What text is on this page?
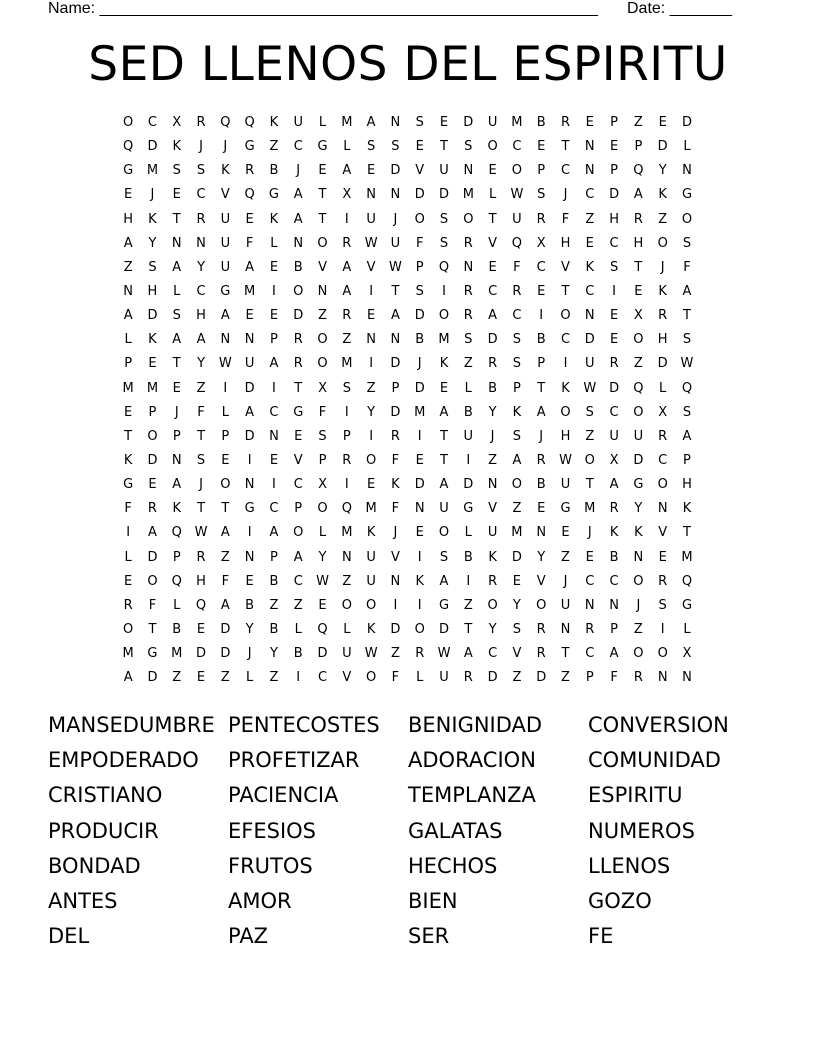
Name: ________________________________________________________ Date: _______
SED LLENOS DEL ESPIRITU
O	C	X	R	Q	Q	K	U	L	M	A	N	S	E	D	U	M	B	R	E	P	Z	E	D
Q	D	K	J	J	G	Z	C	G	L	S	S	E	T	S	O	C	E	T	N	E	P	D	L
G	M	S	S	K	R	B	J	E	A	E	D	V	U	N	E	O	P	C	N	P	Q	Y	N
E	J	E	C	V	Q	G	A	T	X	N	N	D	D	M	L	W	S	J	C	D	A	K	G
H	K	T	R	U	E	K	A	T	I	U	J	O	S	O	T	U	R	F	Z	H	R	Z	O
A	Y	N	N	U	F	L	N	O	R	W	U	F	S	R	V	Q	X	H	E	C	H	O	S
Z	S	A	Y	U	A	E	B	V	A	V	W	P	Q	N	E	F	C	V	K	S	T	J	F
N	H	L	C	G	M	I	O	N	A	I	T	S	I	R	C	R	E	T	C	I	E	K	A
A	D	S	H	A	E	E	D	Z	R	E	A	D	O	R	A	C	I	O	N	E	X	R	T
L	K	A	A	N	N	P	R	O	Z	N	N	B	M	S	D	S	B	C	D	E	O	H	S
P	E	T	Y	W	U	A	R	O	M	I	D	J	K	Z	R	S	P	I	U	R	Z	D W
M	M	E	Z	I	D	I	T	X	S	Z	P	D	E	L	B	P	T	K	W D	Q	L	Q
E	P	J	F	L	A	C	G	F	I	Y	D	M	A	B	Y	K	A	O	S	C	O	X	S
T	O	P	T	P	D	N	E	S	P	I	R	I	T	U	J	S	J	H	Z	U	U	R	A
K	D	N	S	E	I	E	V	P	R	O	F	E	T	I	Z	A	R	W O	X	D	C	P
G	E	A	J	O	N	I	C	X	I	E	K	D	A	D	N	O	B	U	T	A	G	O	H
F	R	K	T	T	G	C	P	O	Q	M	F	N	U	G	V	Z	E	G	M	R	Y	N	K
I	A	Q W	A	I	A	O	L	M	K	J	E	O	L	U	M	N	E	J	K	K	V	T
L	D	P	R	Z	N	P	A	Y	N	U	V	I	S	B	K	D	Y	Z	E	B	N	E	M
E	O	Q	H	F	E	B	C	W	Z	U	N	K	A	I	R	E	V	J	C	C	O	R	Q
R	F	L	Q	A	B	Z	Z	E	O	O	I	I	G	Z	O	Y	O	U	N	N	J	S	G
O	T	B	E	D	Y	B	L	Q	L	K	D	O	D	T	Y	S	R	N	R	P	Z	I	L
M	G	M	D	D	J	Y	B	D	U	W	Z	R	W	A	C	V	R	T	C	A	O	O	X
A	D	Z	E	Z	L	Z	I	C	V	O	F	L	U	R	D	Z	D	Z	P	F	R	N	N
MANSEDUMBRE PENTECOSTES	BENIGNIDAD	CONVERSION
EMPODERADO	PROFETIZAR	ADORACION	COMUNIDAD
CRISTIANO	PACIENCIA	TEMPLANZA	ESPIRITU
PRODUCIR	EFESIOS	GALATAS	NUMEROS
BONDAD	FRUTOS	HECHOS	LLENOS
ANTES	AMOR	BIEN	GOZO
DEL	PAZ	SER	FE
